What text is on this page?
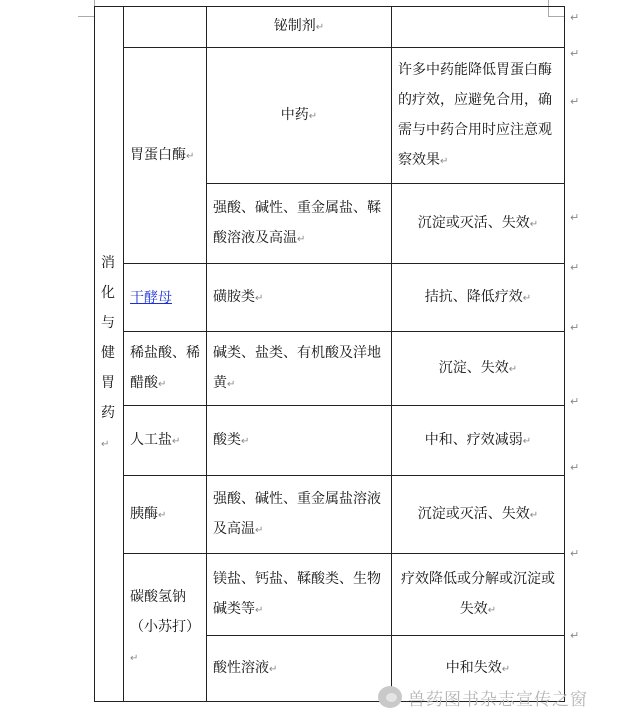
↵
↵
↵
↵
↵
↵
↵
↵
↵
↵
消化与健胃药↵		铋制剂↵	
	胃蛋白酶↵	中药↵	许多中药能降低胃蛋白酶的疗效，应避免合用，确需与中药合用时应注意观察效果↵
		强酸、碱性、重金属盐、鞣酸溶液及高温↵	沉淀或灭活、失效↵
	干酵母	磺胺类↵	拮抗、降低疗效↵
	稀盐酸、稀醋酸↵	碱类、盐类、有机酸及洋地黄↵	沉淀、失效↵
	人工盐↵	酸类↵	中和、疗效减弱↵
	胰酶↵	强酸、碱性、重金属盐溶液及高温↵	沉淀或灭活、失效↵
	碳酸氢钠（小苏打）↵	镁盐、钙盐、鞣酸类、生物碱类等↵	疗效降低或分解或沉淀或失效↵
		酸性溶液↵	中和失效↵
兽药图书杂志宣传之窗
